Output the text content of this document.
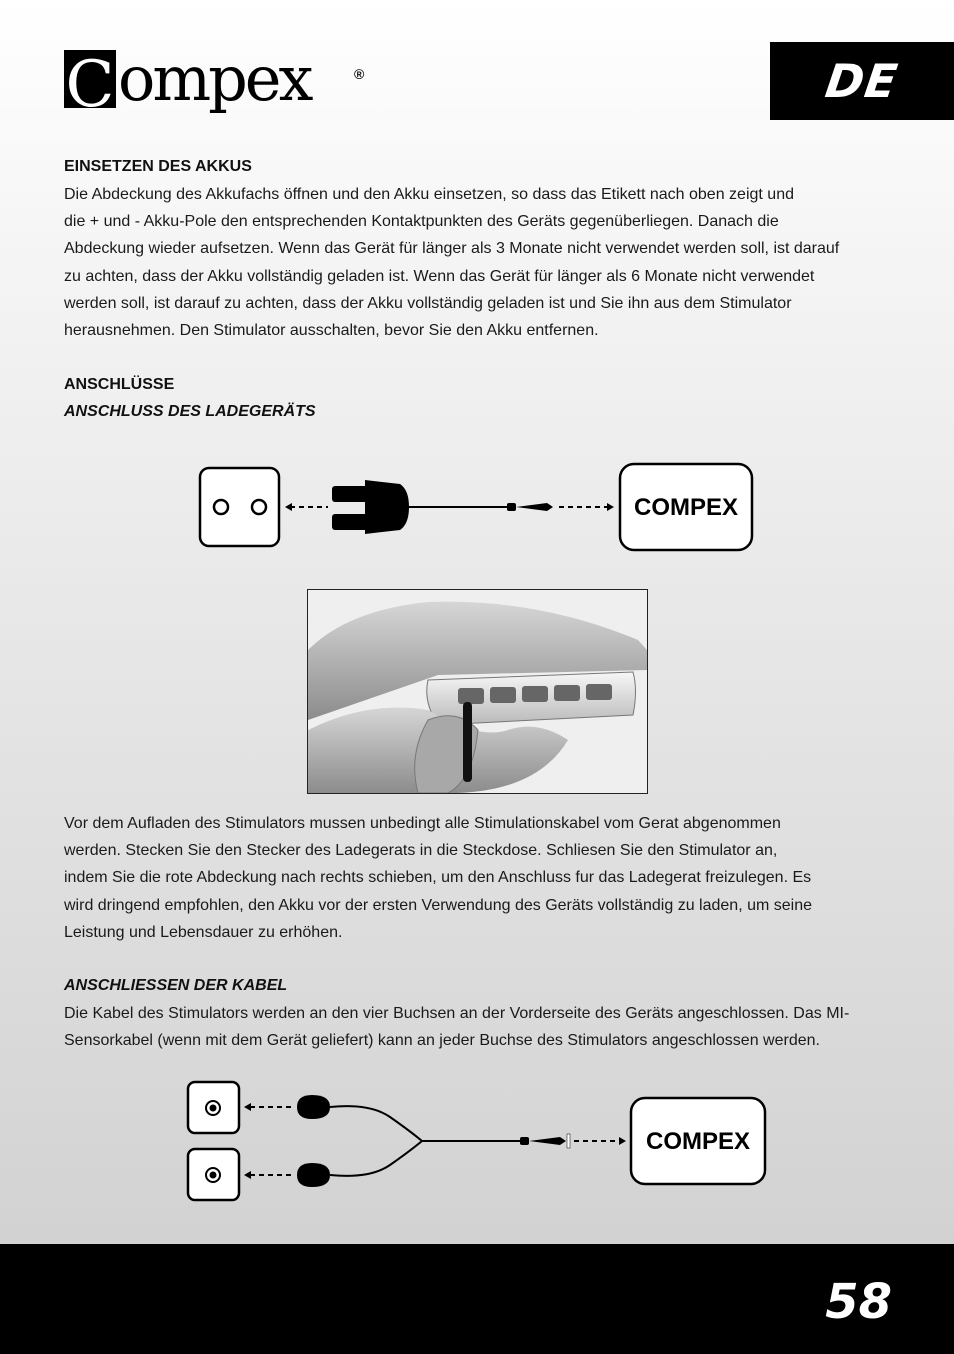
C ompex	®	DE
EINSETZEN DES AKKUS
Die Abdeckung des Akkufachs öffnen und den Akku einsetzen, so dass das Etikett nach oben zeigt und
die + und - Akku-Pole den entsprechenden Kontaktpunkten des Geräts gegenüberliegen. Danach die
Abdeckung wieder aufsetzen. Wenn das Gerät für länger als 3 Monate nicht verwendet werden soll, ist darauf
zu achten, dass der Akku vollständig geladen ist. Wenn das Gerät für länger als 6 Monate nicht verwendet
werden soll, ist darauf zu achten, dass der Akku vollständig geladen ist und Sie ihn aus dem Stimulator
herausnehmen. Den Stimulator ausschalten, bevor Sie den Akku entfernen.
ANSCHLÜSSE
ANSCHLUSS DES LADEGERÄTS
COMPEX
Vor dem Aufladen des Stimulators mussen unbedingt alle Stimulationskabel vom Gerat abgenommen
werden. Stecken Sie den Stecker des Ladegerats in die Steckdose. Schliesen Sie den Stimulator an,
indem Sie die rote Abdeckung nach rechts schieben, um den Anschluss fur das Ladegerat freizulegen. Es
wird dringend empfohlen, den Akku vor der ersten Verwendung des Geräts vollständig zu laden, um seine
Leistung und Lebensdauer zu erhöhen.
ANSCHLIESSEN DER KABEL
Die Kabel des Stimulators werden an den vier Buchsen an der Vorderseite des Geräts angeschlossen. Das MI-
Sensorkabel (wenn mit dem Gerät geliefert) kann an jeder Buchse des Stimulators angeschlossen werden.
COMPEX
58
